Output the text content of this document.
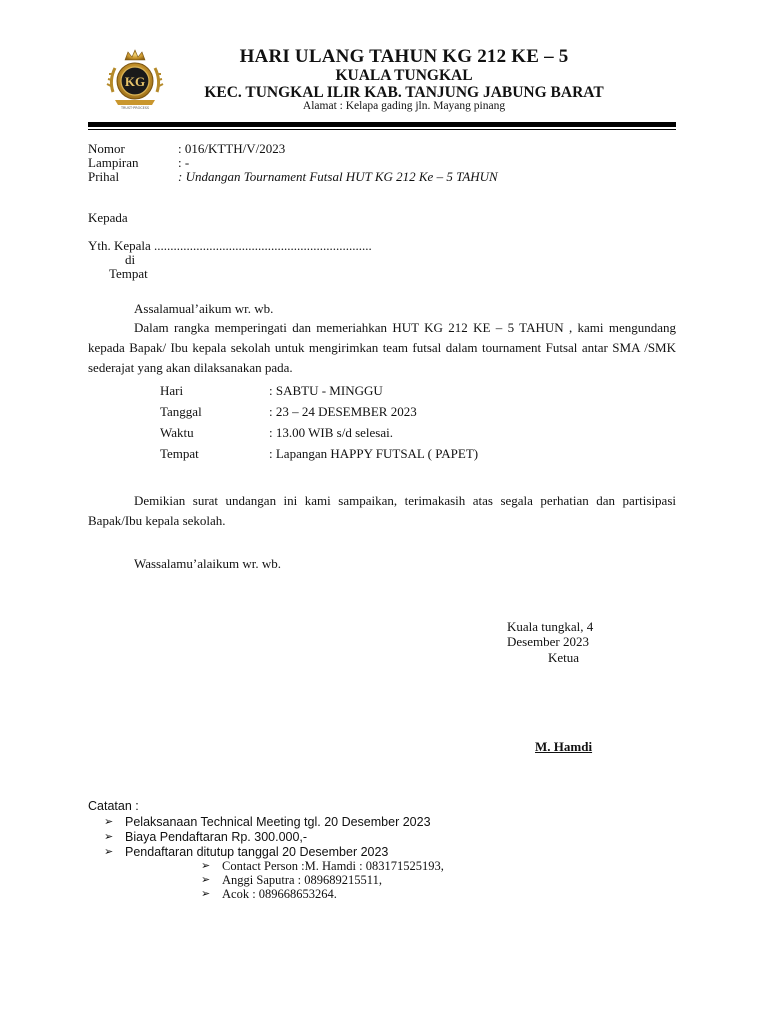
KG
TRUST·PROCESS
HARI ULANG TAHUN KG 212 KE – 5
KUALA TUNGKAL
KEC. TUNGKAL ILIR KAB. TANJUNG JABUNG BARAT
Alamat : Kelapa gading jln. Mayang pinang
Nomor	: 016/KTTH/V/2023
Lampiran	: -
Prihal	: Undangan Tournament Futsal HUT KG 212 Ke – 5 TAHUN
Kepada
Yth. Kepala ...................................................................
di
Tempat
Assalamual’aikum wr. wb.
Dalam rangka memperingati dan memeriahkan HUT KG 212 KE – 5 TAHUN , kami mengundang kepada Bapak/ Ibu kepala sekolah untuk mengirimkan team futsal dalam tournament Futsal antar SMA /SMK sederajat yang akan dilaksanakan pada.
Hari	: SABTU - MINGGU
Tanggal	: 23 – 24 DESEMBER 2023
Waktu	: 13.00 WIB s/d selesai.
Tempat	: Lapangan HAPPY FUTSAL ( PAPET)
Demikian surat undangan ini kami sampaikan, terimakasih atas segala perhatian dan partisipasi Bapak/Ibu kepala sekolah.
Wassalamu’alaikum wr. wb.
Kuala tungkal, 4
Desember 2023
Ketua
M. Hamdi
Catatan :
➢ Pelaksanaan Technical Meeting tgl. 20 Desember 2023
➢ Biaya Pendaftaran Rp. 300.000,-
➢ Pendaftaran ditutup tanggal 20 Desember 2023
➢ Contact Person :M. Hamdi : 083171525193,
➢ Anggi Saputra : 089689215511,
➢ Acok : 089668653264.
